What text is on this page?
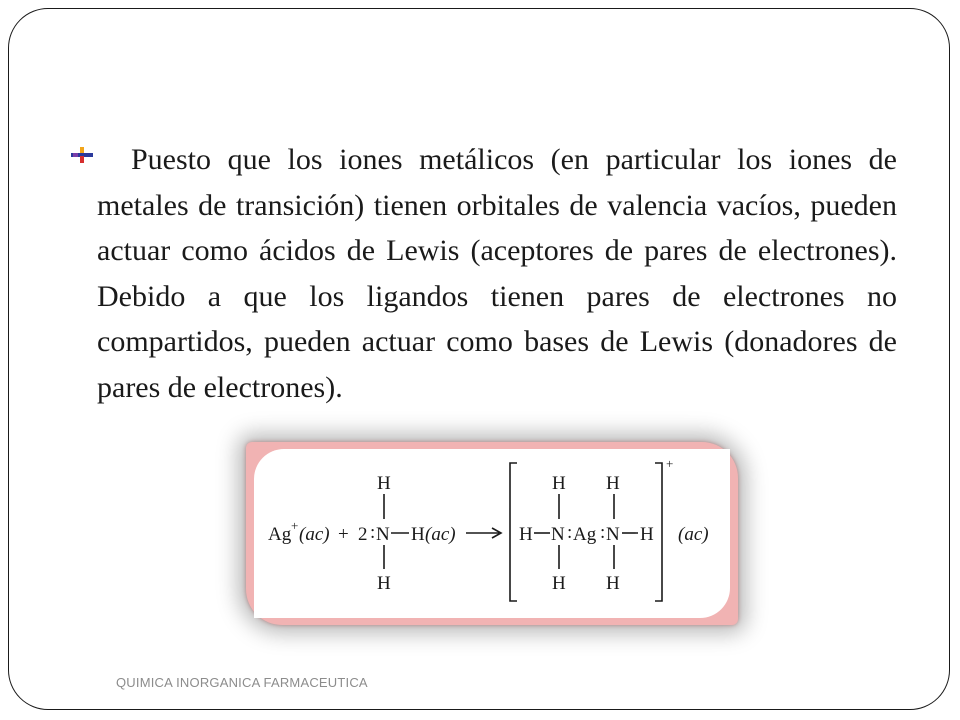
Puesto que los iones metálicos (en particular los iones de metales de transición) tienen orbitales de valencia vacíos, pueden actuar como ácidos de Lewis (aceptores de pares de electrones). Debido a que los ligandos tienen pares de electrones no compartidos, pueden actuar como bases de Lewis (donadores de pares de electrones).

Ag + (ac) + 2 :
H
N H (ac)
H
H
H
N
H
: Ag : N
H
H
H
+
(ac)
QUIMICA INORGANICA FARMACEUTICA
